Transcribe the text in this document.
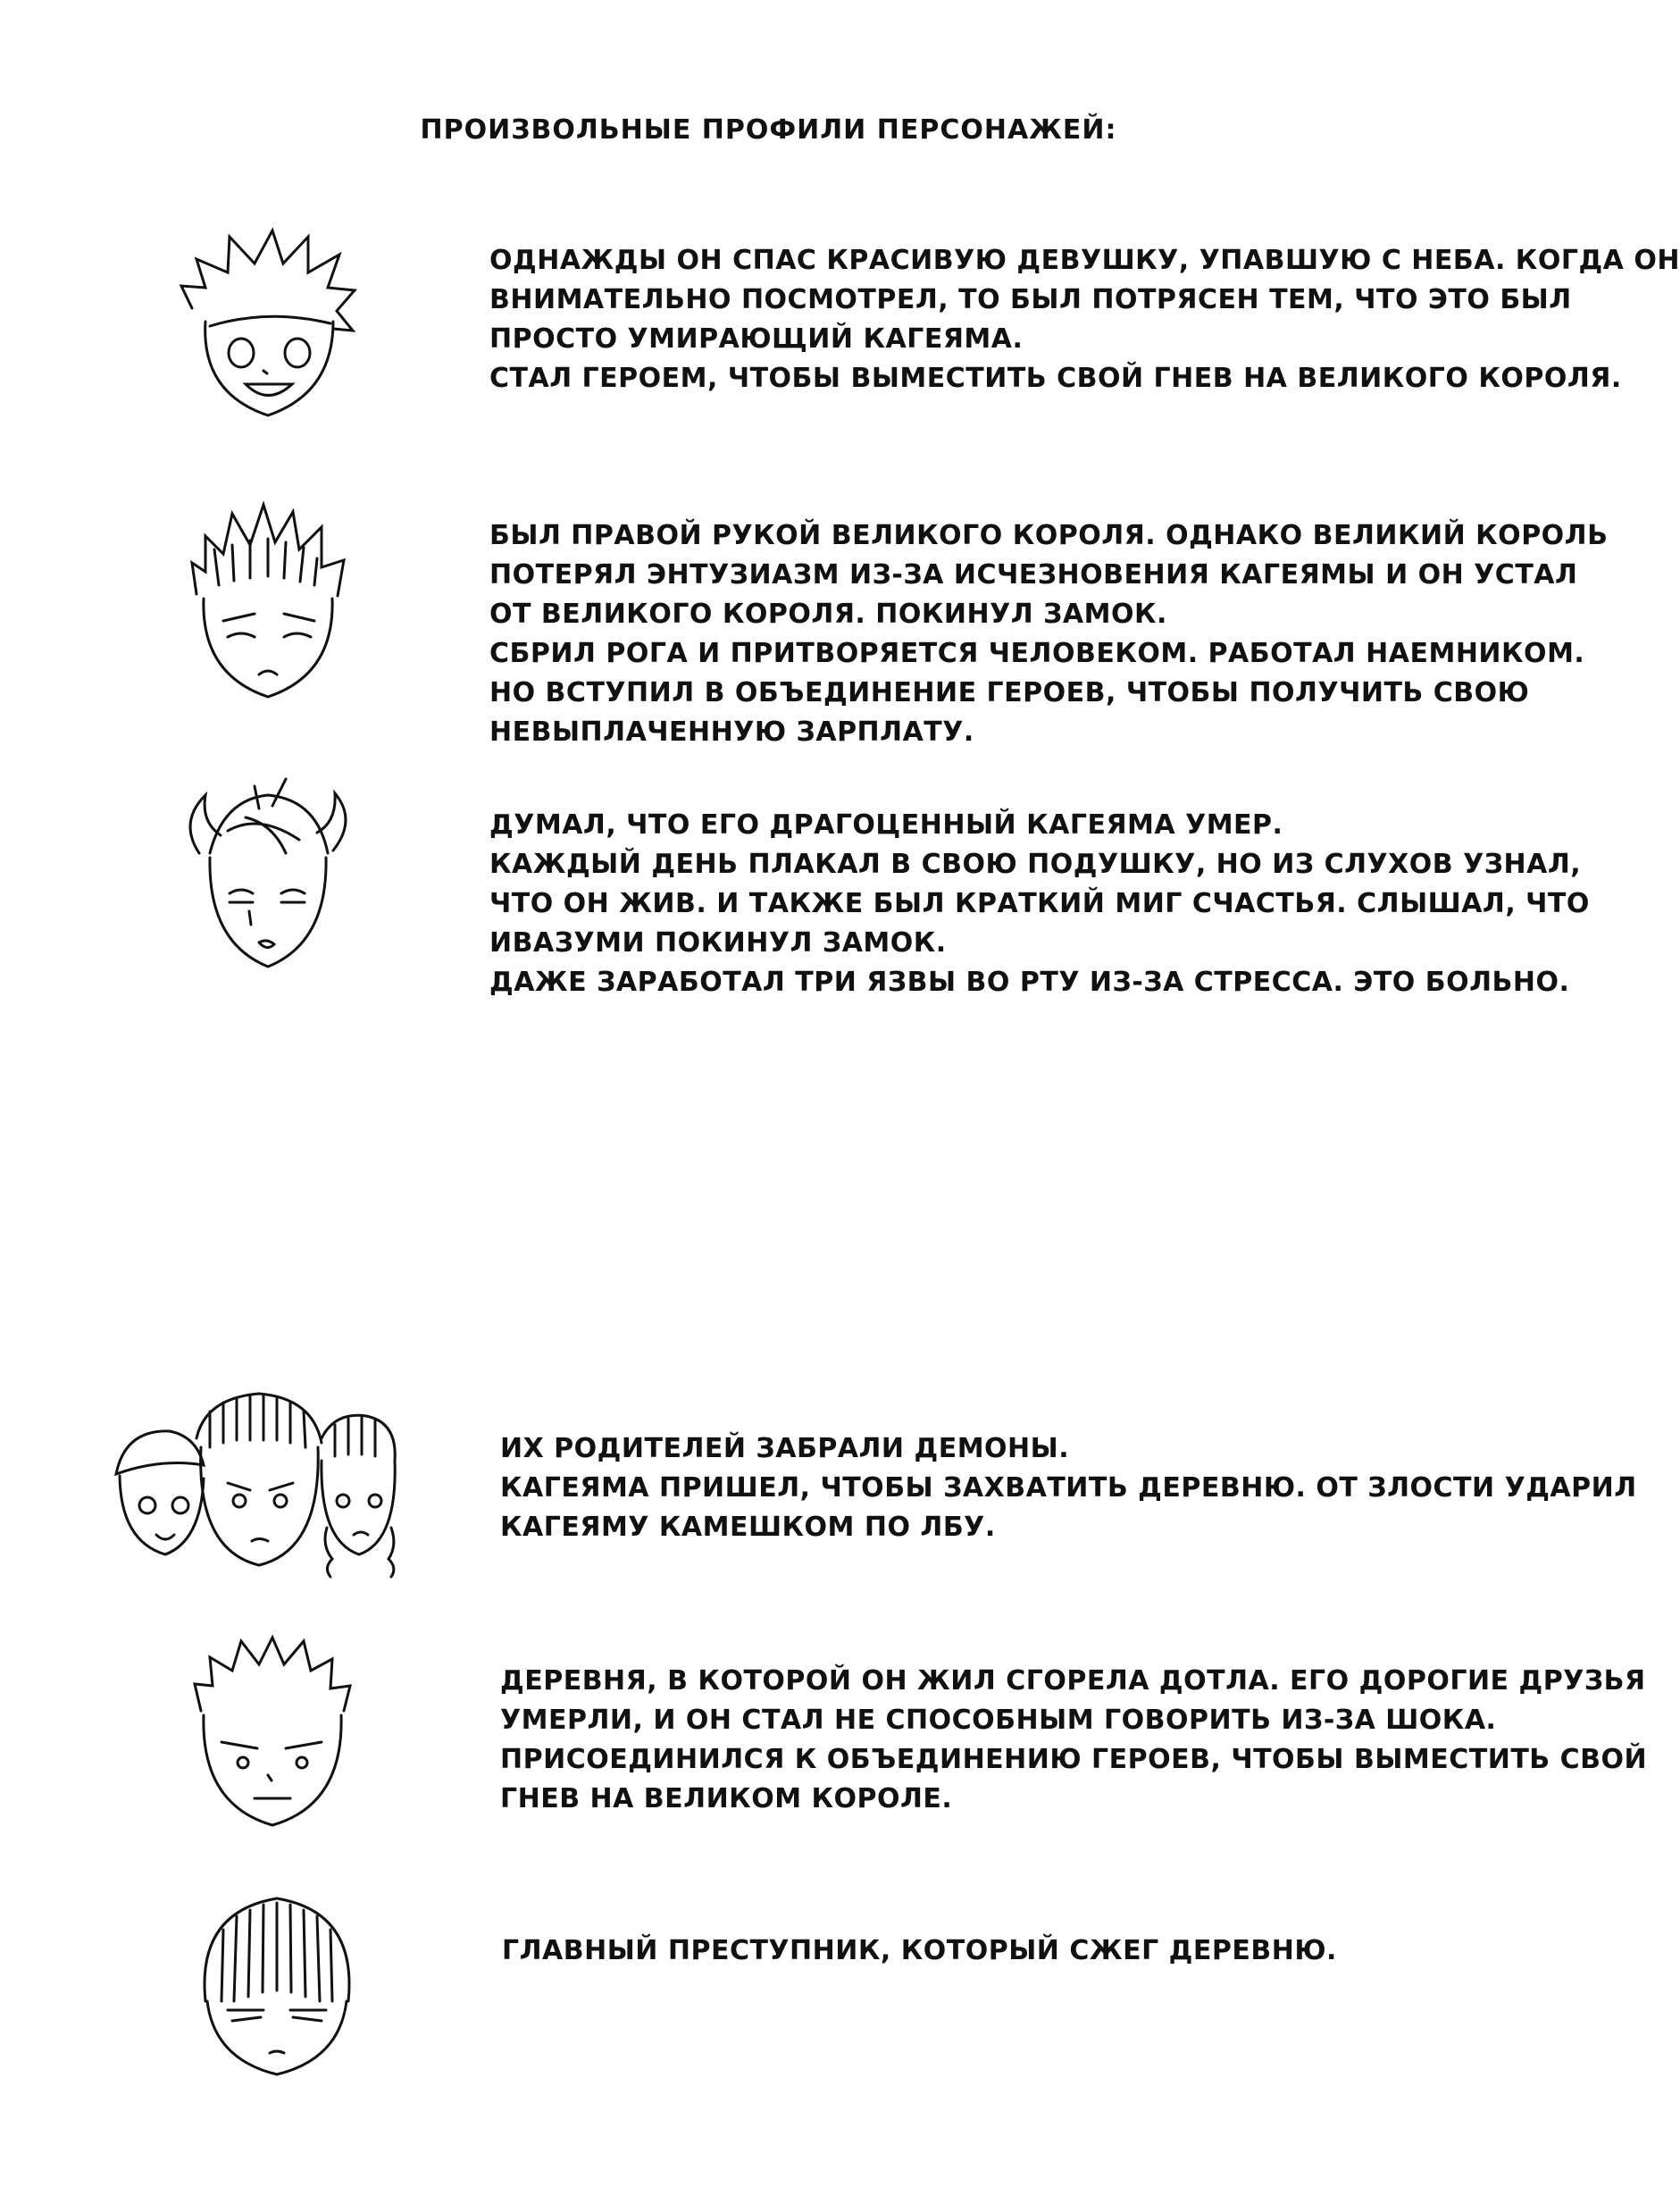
ПРОИЗВОЛЬНЫЕ ПРОФИЛИ ПЕРСОНАЖЕЙ:
ОДНАЖДЫ ОН СПАС КРАСИВУЮ ДЕВУШКУ, УПАВШУЮ С НЕБА. КОГДА ОН
ВНИМАТЕЛЬНО ПОСМОТРЕЛ, ТО БЫЛ ПОТРЯСЕН ТЕМ, ЧТО ЭТО БЫЛ
ПРОСТО УМИРАЮЩИЙ КАГЕЯМА.
СТАЛ ГЕРОЕМ, ЧТОБЫ ВЫМЕСТИТЬ СВОЙ ГНЕВ НА ВЕЛИКОГО КОРОЛЯ.
БЫЛ ПРАВОЙ РУКОЙ ВЕЛИКОГО КОРОЛЯ. ОДНАКО ВЕЛИКИЙ КОРОЛЬ
ПОТЕРЯЛ ЭНТУЗИАЗМ ИЗ-ЗА ИСЧЕЗНОВЕНИЯ КАГЕЯМЫ И ОН УСТАЛ
ОТ ВЕЛИКОГО КОРОЛЯ. ПОКИНУЛ ЗАМОК.
СБРИЛ РОГА И ПРИТВОРЯЕТСЯ ЧЕЛОВЕКОМ. РАБОТАЛ НАЕМНИКОМ.
НО ВСТУПИЛ В ОБЪЕДИНЕНИЕ ГЕРОЕВ, ЧТОБЫ ПОЛУЧИТЬ СВОЮ
НЕВЫПЛАЧЕННУЮ ЗАРПЛАТУ.
ДУМАЛ, ЧТО ЕГО ДРАГОЦЕННЫЙ КАГЕЯМА УМЕР.
КАЖДЫЙ ДЕНЬ ПЛАКАЛ В СВОЮ ПОДУШКУ, НО ИЗ СЛУХОВ УЗНАЛ,
ЧТО ОН ЖИВ. И ТАКЖЕ БЫЛ КРАТКИЙ МИГ СЧАСТЬЯ. СЛЫШАЛ, ЧТО
ИВАЗУМИ ПОКИНУЛ ЗАМОК.
ДАЖЕ ЗАРАБОТАЛ ТРИ ЯЗВЫ ВО РТУ ИЗ-ЗА СТРЕССА. ЭТО БОЛЬНО.
ИХ РОДИТЕЛЕЙ ЗАБРАЛИ ДЕМОНЫ.
КАГЕЯМА ПРИШЕЛ, ЧТОБЫ ЗАХВАТИТЬ ДЕРЕВНЮ. ОТ ЗЛОСТИ УДАРИЛ
КАГЕЯМУ КАМЕШКОМ ПО ЛБУ.
ДЕРЕВНЯ, В КОТОРОЙ ОН ЖИЛ СГОРЕЛА ДОТЛА. ЕГО ДОРОГИЕ ДРУЗЬЯ
УМЕРЛИ, И ОН СТАЛ НЕ СПОСОБНЫМ ГОВОРИТЬ ИЗ-ЗА ШОКА.
ПРИСОЕДИНИЛСЯ К ОБЪЕДИНЕНИЮ ГЕРОЕВ, ЧТОБЫ ВЫМЕСТИТЬ СВОЙ
ГНЕВ НА ВЕЛИКОМ КОРОЛЕ.
ГЛАВНЫЙ ПРЕСТУПНИК, КОТОРЫЙ СЖЕГ ДЕРЕВНЮ.
